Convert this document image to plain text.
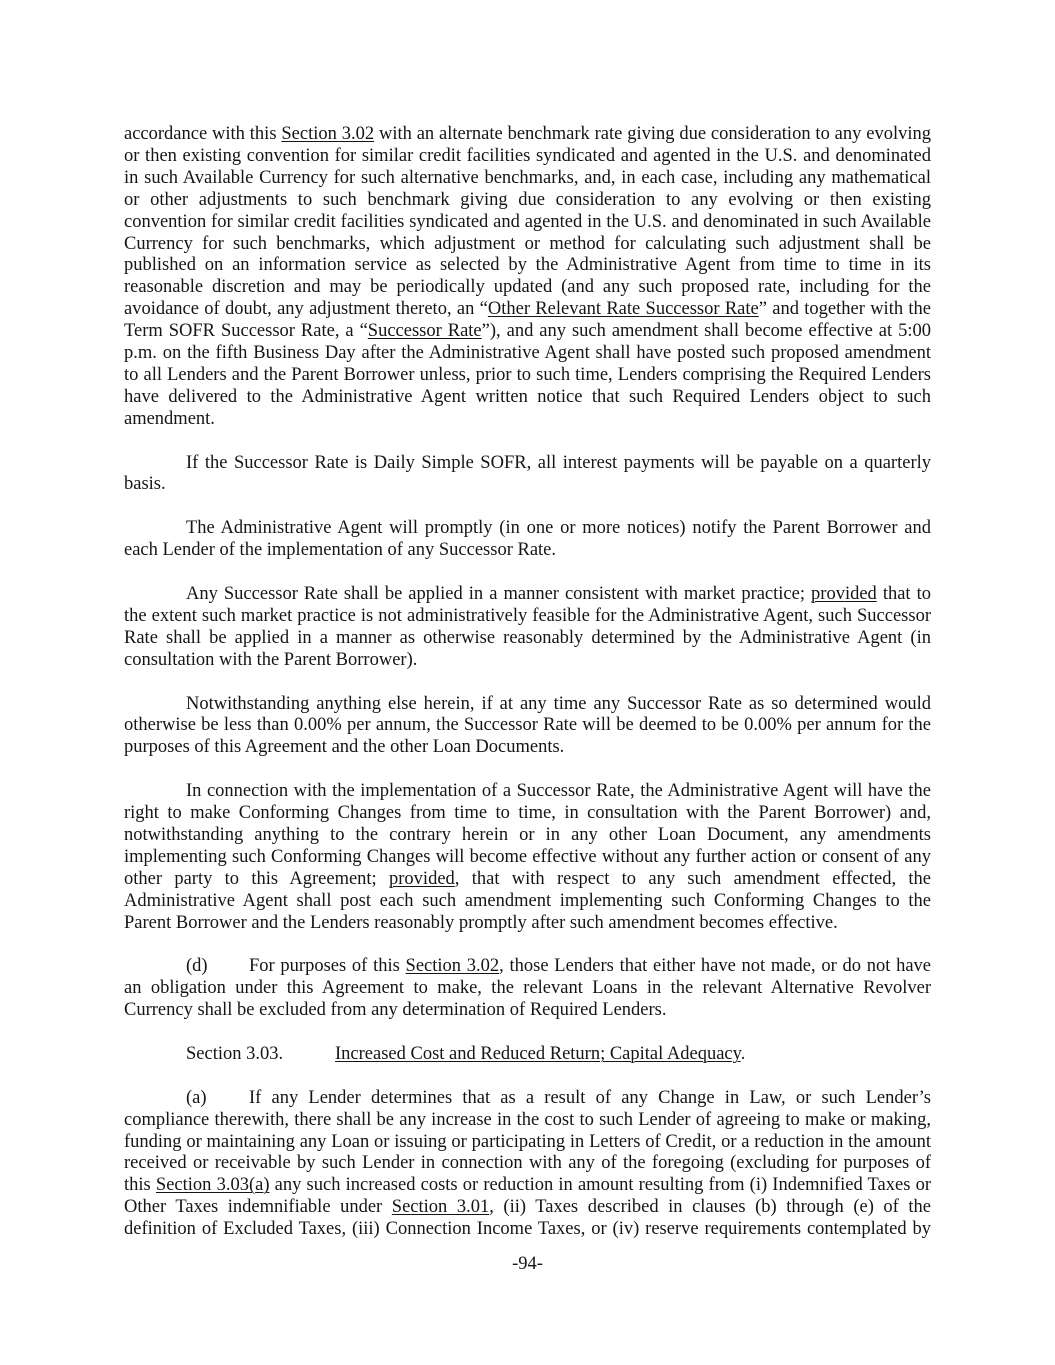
accordance with this Section 3.02 with an alternate benchmark rate giving due consideration to any evolving or then existing convention for similar credit facilities syndicated and agented in the U.S. and denominated in such Available Currency for such alternative benchmarks, and, in each case, including any mathematical or other adjustments to such benchmark giving due consideration to any evolving or then existing convention for similar credit facilities syndicated and agented in the U.S. and denominated in such Available Currency for such benchmarks, which adjustment or method for calculating such adjustment shall be published on an information service as selected by the Administrative Agent from time to time in its reasonable discretion and may be periodically updated (and any such proposed rate, including for the avoidance of doubt, any adjustment thereto, an “Other Relevant Rate Successor Rate” and together with the Term SOFR Successor Rate, a “Successor Rate”), and any such amendment shall become effective at 5:00 p.m. on the fifth Business Day after the Administrative Agent shall have posted such proposed amendment to all Lenders and the Parent Borrower unless, prior to such time, Lenders comprising the Required Lenders have delivered to the Administrative Agent written notice that such Required Lenders object to such amendment.

If the Successor Rate is Daily Simple SOFR, all interest payments will be payable on a quarterly basis.

The Administrative Agent will promptly (in one or more notices) notify the Parent Borrower and each Lender of the implementation of any Successor Rate.

Any Successor Rate shall be applied in a manner consistent with market practice; provided that to the extent such market practice is not administratively feasible for the Administrative Agent, such Successor Rate shall be applied in a manner as otherwise reasonably determined by the Administrative Agent (in consultation with the Parent Borrower).

Notwithstanding anything else herein, if at any time any Successor Rate as so determined would otherwise be less than 0.00% per annum, the Successor Rate will be deemed to be 0.00% per annum for the purposes of this Agreement and the other Loan Documents.

In connection with the implementation of a Successor Rate, the Administrative Agent will have the right to make Conforming Changes from time to time, in consultation with the Parent Borrower) and, notwithstanding anything to the contrary herein or in any other Loan Document, any amendments implementing such Conforming Changes will become effective without any further action or consent of any other party to this Agreement; provided, that with respect to any such amendment effected, the Administrative Agent shall post each such amendment implementing such Conforming Changes to the Parent Borrower and the Lenders reasonably promptly after such amendment becomes effective.

(d) For purposes of this Section 3.02, those Lenders that either have not made, or do not have an obligation under this Agreement to make, the relevant Loans in the relevant Alternative Revolver Currency shall be excluded from any determination of Required Lenders.

Section 3.03.	Increased Cost and Reduced Return; Capital Adequacy.

(a) If any Lender determines that as a result of any Change in Law, or such Lender’s compliance therewith, there shall be any increase in the cost to such Lender of agreeing to make or making, funding or maintaining any Loan or issuing or participating in Letters of Credit, or a reduction in the amount received or receivable by such Lender in connection with any of the foregoing (excluding for purposes of this Section 3.03(a) any such increased costs or reduction in amount resulting from (i) Indemnified Taxes or Other Taxes indemnifiable under Section 3.01, (ii) Taxes described in clauses (b) through (e) of the definition of Excluded Taxes, (iii) Connection Income Taxes, or (iv) reserve requirements contemplated by

-94-
